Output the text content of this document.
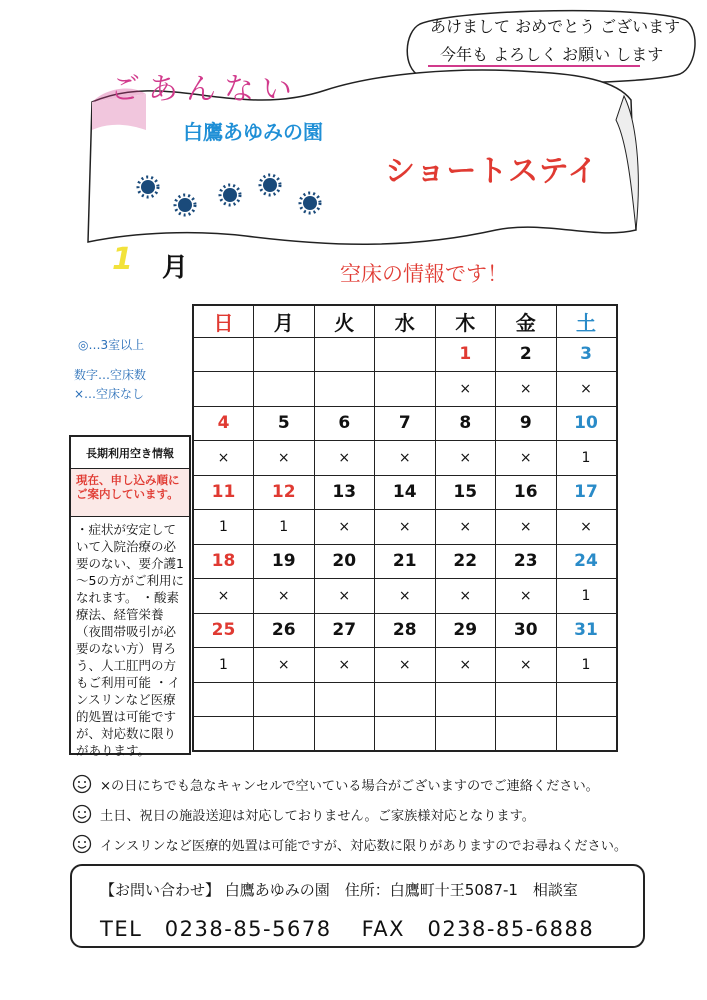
あけまして おめでとう ございます
今年も よろしく お願い します
ごあんない
白鷹あゆみの園
ショートステイ
1 月	空床の情報です！
◎…3室以上
数字…空床数
×…空床なし
長期利用空き情報
現在、申し込み順に ご案内しています。
・症状が安定していて入院治療の必要のない、要介護1～5の方がご利用になれます。 ・酸素療法、経管栄養（夜間帯吸引が必要のない方）胃ろう、人工肛門の方もご利用可能 ・インスリンなど医療的処置は可能ですが、対応数に限りがあります。
日	月	火	水	木	金	土
				1	2	3
				×	×	×
4	5	6	7	8	9	10
×	×	×	×	×	×	1
11	12	13	14	15	16	17
1	1	×	×	×	×	×
18	19	20	21	22	23	24
×	×	×	×	×	×	1
25	26	27	28	29	30	31
1	×	×	×	×	×	1

×の日にちでも急なキャンセルで空いている場合がございますのでご連絡ください。
土日、祝日の施設送迎は対応しておりません。ご家族様対応となります。
インスリンなど医療的処置は可能ですが、対応数に限りがありますのでお尋ねください。
【お問い合わせ】 白鷹あゆみの園　住所：白鷹町十王5087-1　相談室
TEL　0238-85-5678 FAX　0238-85-6888
